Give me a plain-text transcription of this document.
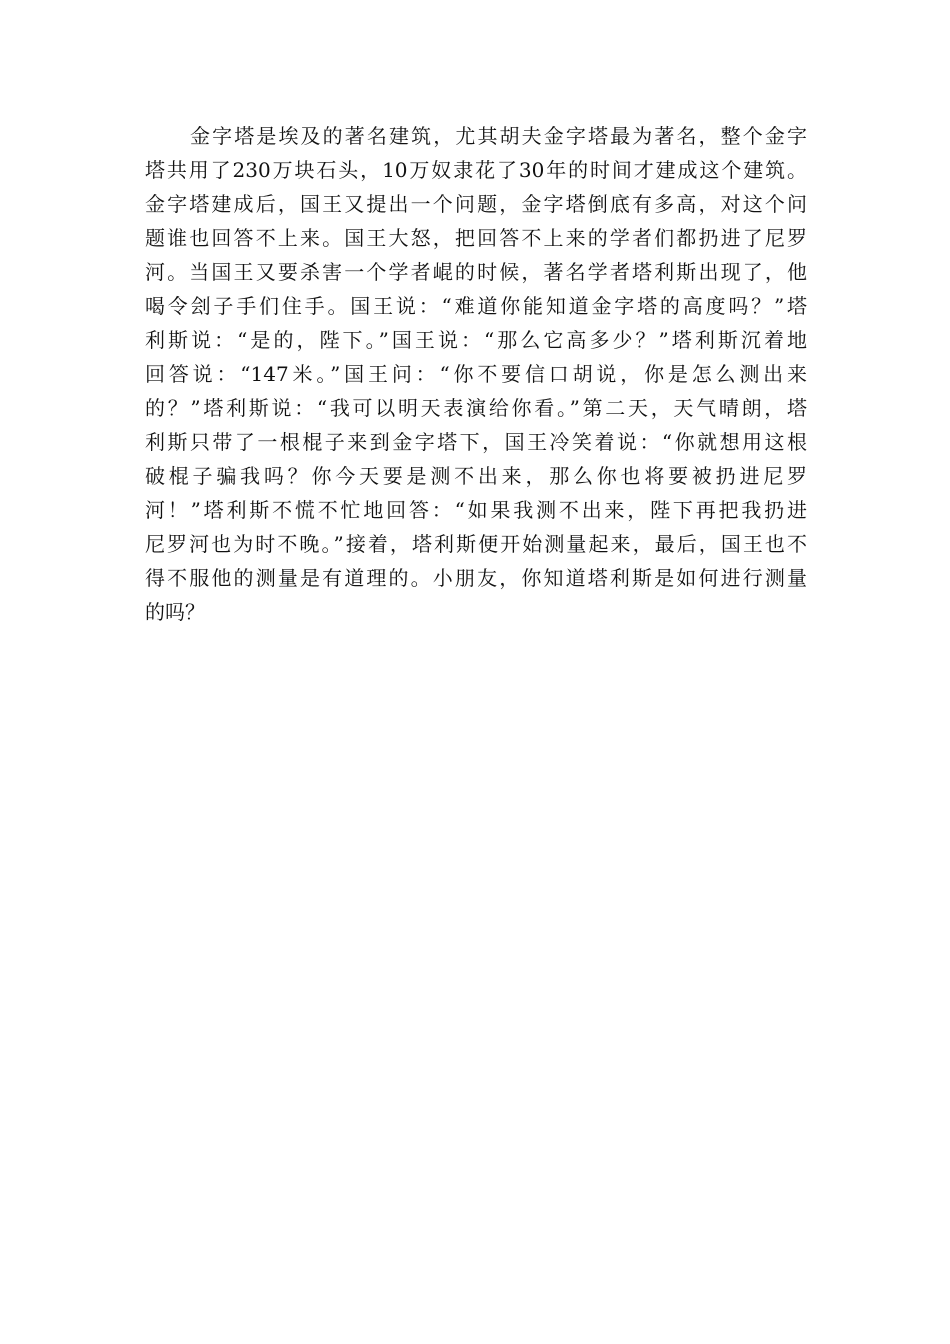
金字塔是埃及的著名建筑，尤其胡夫金字塔最为著名，整个金字
塔共用了230万块石头，10万奴隶花了30年的时间才建成这个建筑。
金字塔建成后，国王又提出一个问题，金字塔倒底有多高，对这个问
题谁也回答不上来。国王大怒，把回答不上来的学者们都扔进了尼罗
河。当国王又要杀害一个学者崐的时候，著名学者塔利斯出现了，他
喝令刽子手们住手。国王说：“难道你能知道金字塔的高度吗？”塔
利斯说：“是的，陛下。”国王说：“那么它高多少？”塔利斯沉着地
回答说：“147米。”国王问：“你不要信口胡说，你是怎么测出来
的？”塔利斯说：“我可以明天表演给你看。”第二天，天气晴朗，塔
利斯只带了一根棍子来到金字塔下，国王冷笑着说：“你就想用这根
破棍子骗我吗？你今天要是测不出来，那么你也将要被扔进尼罗
河！”塔利斯不慌不忙地回答：“如果我测不出来，陛下再把我扔进
尼罗河也为时不晚。”接着，塔利斯便开始测量起来，最后，国王也不
得不服他的测量是有道理的。小朋友，你知道塔利斯是如何进行测量
的吗？
